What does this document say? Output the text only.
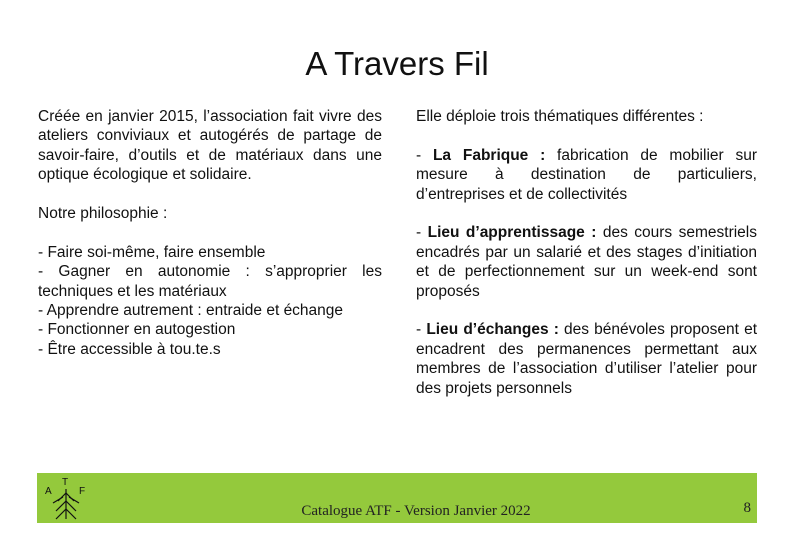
A Travers Fil

Créée en janvier 2015, l’association fait vivre des ateliers conviviaux et autogérés de partage de savoir-faire, d’outils et de matériaux dans une optique écologique et solidaire.

Notre philosophie :

- Faire soi-même, faire ensemble

- Gagner en autonomie : s’approprier les techniques et les matériaux

- Apprendre autrement : entraide et échange

- Fonctionner en autogestion

- Être accessible à tou.te.s

Elle déploie trois thématiques différentes :

- La Fabrique : fabrication de mobilier sur mesure à destination de particuliers, d’entreprises et de collectivités

- Lieu d’apprentissage : des cours semestriels encadrés par un salarié et des stages d’initiation et de perfectionnement sur un week-end sont proposés

- Lieu d’échanges : des bénévoles proposent et encadrent des permanences permettant aux membres de l’association d’utiliser l’atelier pour des projets personnels

A
T
F
Catalogue ATF - Version Janvier 2022	8
